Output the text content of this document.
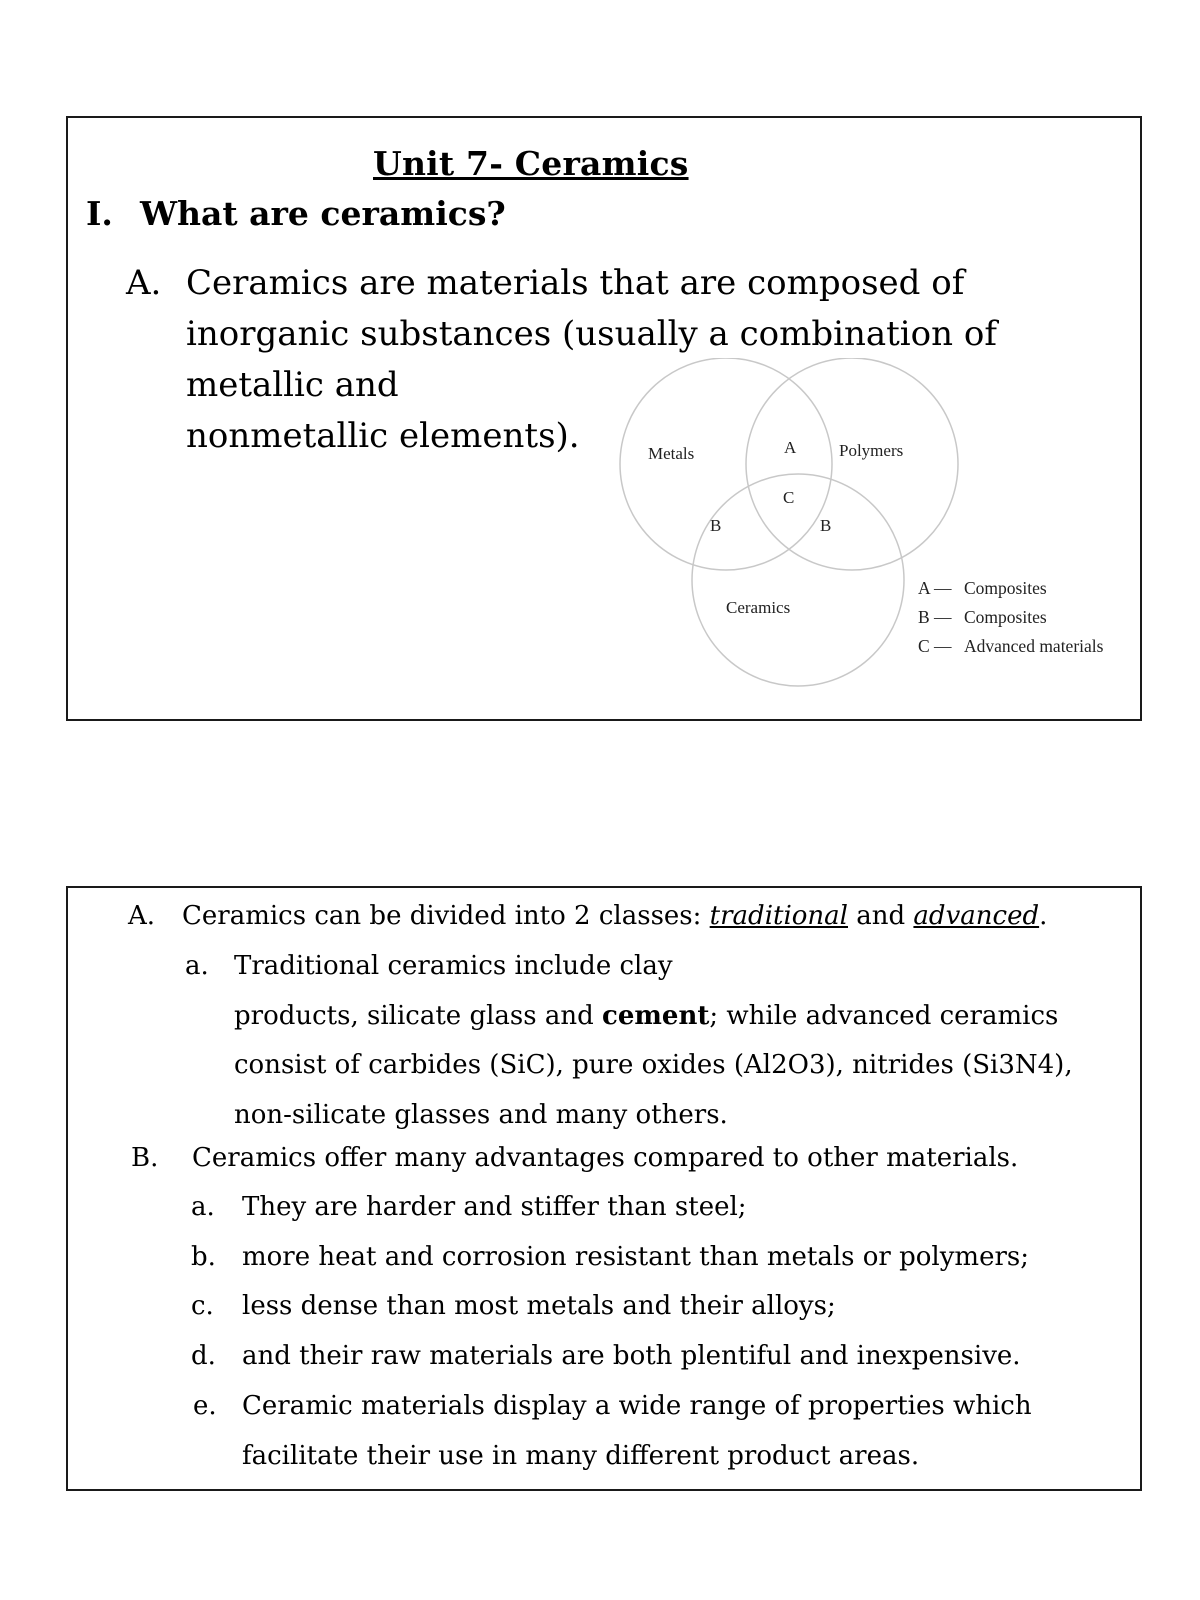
Unit 7- Ceramics
I. What are ceramics?
A. Ceramics are materials that are composed of
inorganic substances (usually a combination of
metallic and
nonmetallic elements).	Metals	Polymers
Ceramics
A
C
B	B
A — Composites
B — Composites
C — Advanced materials
A. Ceramics can be divided into 2 classes: traditional and advanced.
a. Traditional ceramics include clay
products, silicate glass and cement; while advanced ceramics
consist of carbides (SiC), pure oxides (Al2O3), nitrides (Si3N4),
non-silicate glasses and many others.
B. Ceramics offer many advantages compared to other materials.
a. They are harder and stiffer than steel;
b. more heat and corrosion resistant than metals or polymers;
c. less dense than most metals and their alloys;
d. and their raw materials are both plentiful and inexpensive.
e. Ceramic materials display a wide range of properties which
facilitate their use in many different product areas.
